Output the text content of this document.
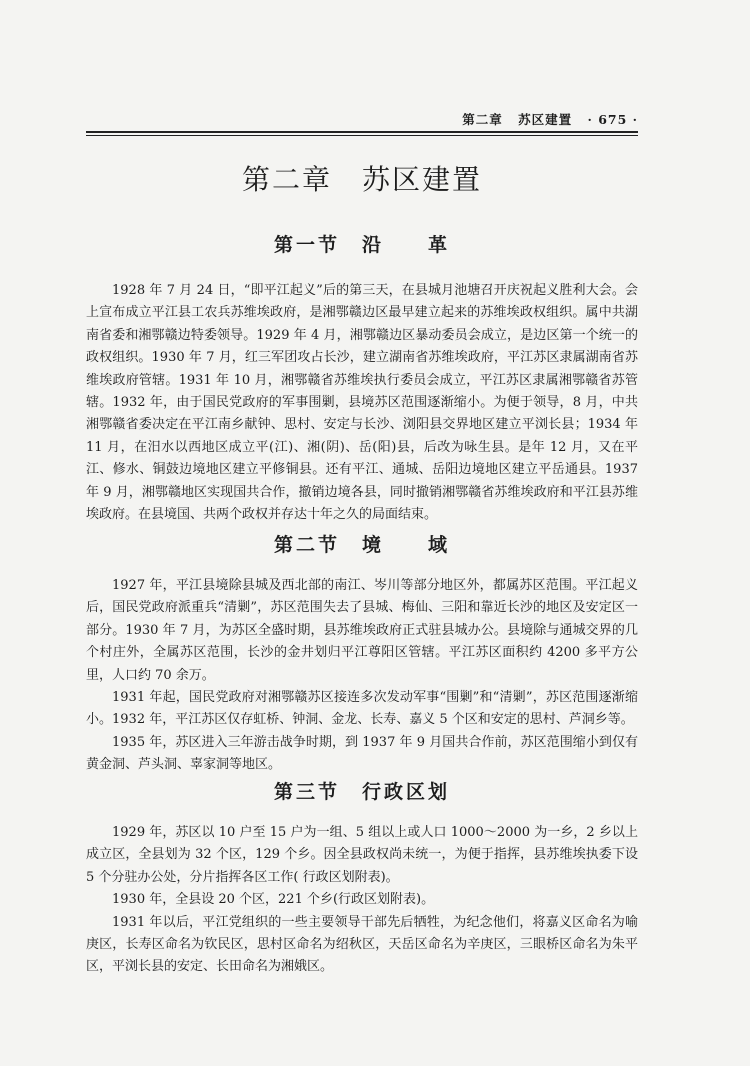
第二章 苏区建置 · 675 ·
第二章　苏区建置
第一节　沿　　革

1928 年 7 月 24 日，“即平江起义”后的第三天，在县城月池塘召开庆祝起义胜利大会。会上宣布成立平江县工农兵苏维埃政府，是湘鄂赣边区最早建立起来的苏维埃政权组织。属中共湖南省委和湘鄂赣边特委领导。1929 年 4 月，湘鄂赣边区暴动委员会成立，是边区第一个统一的政权组织。1930 年 7 月，红三军团攻占长沙，建立湖南省苏维埃政府，平江苏区隶属湖南省苏维埃政府管辖。1931 年 10 月，湘鄂赣省苏维埃执行委员会成立，平江苏区隶属湘鄂赣省苏管辖。1932 年，由于国民党政府的军事围剿，县境苏区范围逐渐缩小。为便于领导，8 月，中共湘鄂赣省委决定在平江南乡献钟、思村、安定与长沙、浏阳县交界地区建立平浏长县；1934 年 11 月，在汨水以西地区成立平(江)、湘(阴)、岳(阳)县，后改为咏生县。是年 12 月，又在平江、修水、铜鼓边境地区建立平修铜县。还有平江、通城、岳阳边境地区建立平岳通县。1937 年 9 月，湘鄂赣地区实现国共合作，撤销边境各县，同时撤销湘鄂赣省苏维埃政府和平江县苏维埃政府。在县境国、共两个政权并存达十年之久的局面结束。

第二节　境　　域

1927 年，平江县境除县城及西北部的南江、岑川等部分地区外，都属苏区范围。平江起义后，国民党政府派重兵“清剿”，苏区范围失去了县城、梅仙、三阳和靠近长沙的地区及安定区一部分。1930 年 7 月，为苏区全盛时期，县苏维埃政府正式驻县城办公。县境除与通城交界的几个村庄外，全属苏区范围，长沙的金井划归平江尊阳区管辖。平江苏区面积约 4200 多平方公里，人口约 70 余万。

1931 年起，国民党政府对湘鄂赣苏区接连多次发动军事“围剿”和“清剿”，苏区范围逐渐缩小。1932 年，平江苏区仅存虹桥、钟洞、金龙、长寿、嘉义 5 个区和安定的思村、芦洞乡等。

1935 年，苏区进入三年游击战争时期，到 1937 年 9 月国共合作前，苏区范围缩小到仅有黄金洞、芦头洞、辜家洞等地区。

第三节　行政区划

1929 年，苏区以 10 户至 15 户为一组、5 组以上或人口 1000～2000 为一乡，2 乡以上成立区，全县划为 32 个区，129 个乡。因全县政权尚未统一，为便于指挥，县苏维埃执委下设 5 个分驻办公处，分片指挥各区工作( 行政区划附表)。

1930 年，全县设 20 个区，221 个乡(行政区划附表)。

1931 年以后，平江党组织的一些主要领导干部先后牺牲，为纪念他们，将嘉义区命名为喻庚区，长寿区命名为钦民区，思村区命名为绍秋区，天岳区命名为辛庚区，三眼桥区命名为朱平区，平浏长县的安定、长田命名为湘娥区。
